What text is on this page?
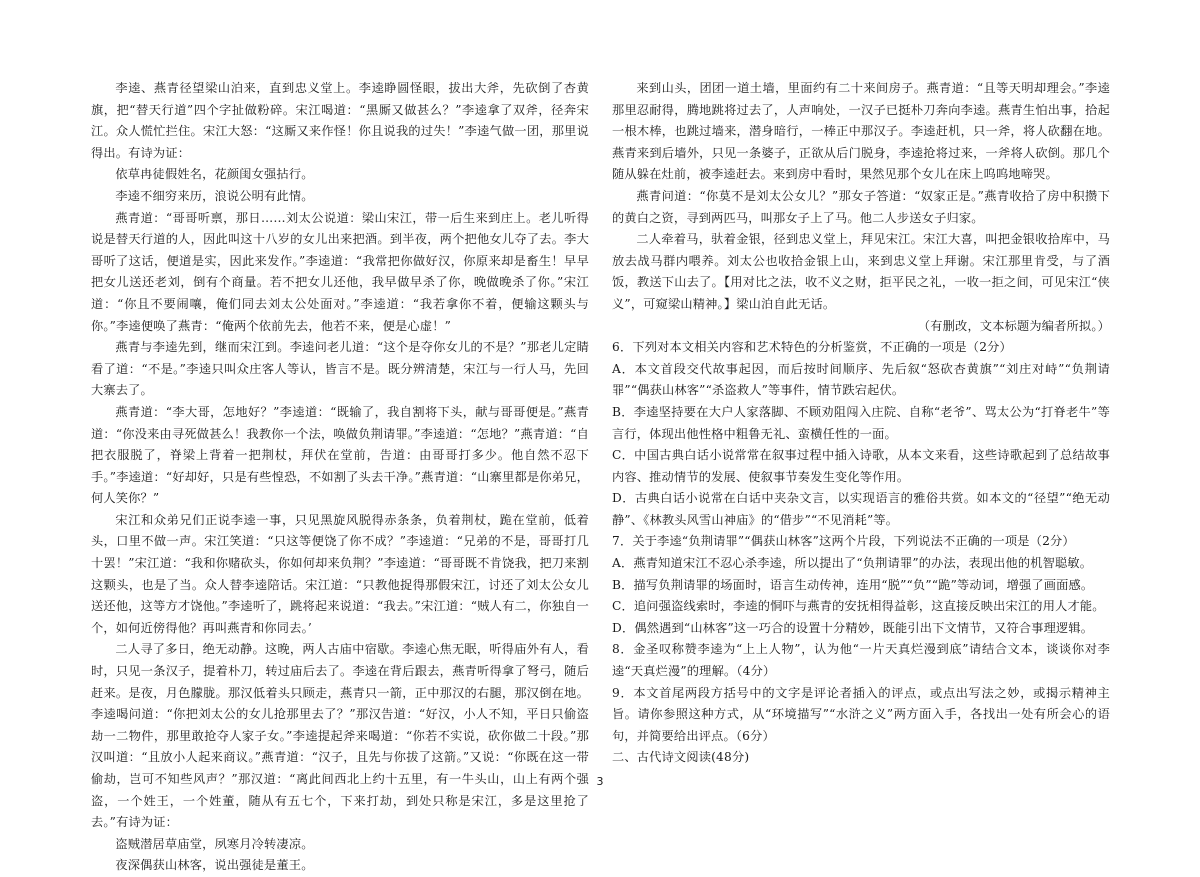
李逵、燕青径望梁山泊来，直到忠义堂上。李逵睁圆怪眼，拔出大斧，先砍倒了杏黄旗，把“替天行道”四个字扯做粉碎。宋江喝道：“黑厮又做甚么？”李逵拿了双斧，径奔宋江。众人慌忙拦住。宋江大怒：“这厮又来作怪！你且说我的过失！”李逵气做一团，那里说得出。有诗为证：

依草冉徒假姓名，花颜闺女强拈行。

李逵不细穷来历，浪说公明有此情。

燕青道：“哥哥听禀，那日……刘太公说道：梁山宋江，带一后生来到庄上。老儿听得说是替天行道的人，因此叫这十八岁的女儿出来把酒。到半夜，两个把他女儿夺了去。李大哥听了这话，便道是实，因此来发作。”李逵道：“我常把你做好汉，你原来却是畜生！早早把女儿送还老刘，倒有个商量。若不把女儿还他，我早做早杀了你，晚做晚杀了你。”宋江道：“你且不要闹嚷，俺们同去刘太公处面对。”李逵道：“我若拿你不着，便输这颗头与你。”李逵便唤了燕青：“俺两个依前先去，他若不来，便是心虚！”

燕青与李逵先到，继而宋江到。李逵问老儿道：“这个是夺你女儿的不是？”那老儿定睛看了道：“不是。”李逵只叫众庄客人等认，皆言不是。既分辨清楚，宋江与一行人马，先回大寨去了。

燕青道：“李大哥，怎地好？”李逵道：“既输了，我自割将下头，献与哥哥便是。”燕青道：“你没来由寻死做甚么！我教你一个法，唤做负荆请罪。”李逵道：“怎地？”燕青道：“自把衣服脱了，脊梁上背着一把荆杖，拜伏在堂前，告道：由哥哥打多少。他自然不忍下手。”李逵道：“好却好，只是有些惶恐，不如割了头去干净。”燕青道：“山寨里都是你弟兄，何人笑你？”

宋江和众弟兄们正说李逵一事，只见黑旋风脱得赤条条，负着荆杖，跪在堂前，低着头，口里不做一声。宋江笑道：“只这等便饶了你不成？”李逵道：“兄弟的不是，哥哥打几十罢！”宋江道：“我和你赌砍头，你如何却来负荆？”李逵道：“哥哥既不肯饶我，把刀来割这颗头，也是了当。众人替李逵陪话。宋江道：“只教他捉得那假宋江，讨还了刘太公女儿送还他，这等方才饶他。”李逵听了，跳将起来说道：“我去。”宋江道：“贼人有二，你独自一个，如何近傍得他？再叫燕青和你同去。’

二人寻了多日，绝无动静。这晚，两人古庙中宿歇。李逵心焦无眠，听得庙外有人，看时，只见一条汉子，提着朴刀，转过庙后去了。李逵在背后跟去，燕青听得拿了弩弓，随后赶来。是夜，月色朦胧。那汉低着头只顾走，燕青只一箭，正中那汉的右腿，那汉倒在地。李逵喝问道：“你把刘太公的女儿抢那里去了？”那汉告道：“好汉，小人不知，平日只偷盗劫一二物件，那里敢抢夺人家子女。”李逵提起斧来喝道：“你若不实说，砍你做二十段。”那汉叫道：“且放小人起来商议。”燕青道：“汉子，且先与你拔了这箭。”又说：“你既在这一带偷劫，岂可不知些风声？”那汉道：“离此间西北上约十五里，有一牛头山，山上有两个强盗，一个姓王，一个姓董，随从有五七个，下来打劫，到处只称是宋江，多是这里抢了去。”有诗为证：

盗贼潜居草庙堂，夙寒月冷转凄凉。

夜深偶获山林客，说出强徒是董王。

来到山头，团团一道土墙，里面约有二十来间房子。燕青道：“且等天明却理会。”李逵那里忍耐得，腾地跳将过去了，人声响处，一汉子已挺朴刀奔向李逵。燕青生怕出事，拾起一根木棒，也跳过墙来，潜身暗行，一棒正中那汉子。李逵赶机，只一斧，将人砍翻在地。燕青来到后墙外，只见一条婆子，正欲从后门脱身，李逵抢将过来，一斧将人砍倒。那几个随从躲在灶前，被李逵赶去。来到房中看时，果然见那个女儿在床上呜呜地啼哭。

燕青问道：“你莫不是刘太公女儿？”那女子答道：“奴家正是。”燕青收拾了房中积攒下的黄白之资，寻到两匹马，叫那女子上了马。他二人步送女子归家。

二人牵着马，驮着金银，径到忠义堂上，拜见宋江。宋江大喜，叫把金银收拾库中，马放去战马群内喂养。刘太公也收拾金银上山，来到忠义堂上拜谢。宋江那里肯受，与了酒饭，教送下山去了。【用对比之法，收不义之财，拒平民之礼，一收一拒之间，可见宋江“侠义”，可窥梁山精神。】梁山泊自此无话。

（有删改，文本标题为编者所拟。）

6．下列对本文相关内容和艺术特色的分析鉴赏，不正确的一项是（2分）

A．本文首段交代故事起因，而后按时间顺序、先后叙“怒砍杏黄旗”“刘庄对峙”“负荆请罪”“偶获山林客”“杀盗救人”等事件，情节跌宕起伏。

B．李逵坚持要在大户人家落脚、不顾劝阻闯入庄院、自称“老爷”、骂太公为“打脊老牛”等言行，体现出他性格中粗鲁无礼、蛮横任性的一面。

C．中国古典白话小说常常在叙事过程中插入诗歌，从本文来看，这些诗歌起到了总结故事内容、推动情节的发展、使叙事节奏发生变化等作用。

D．古典白话小说常在白话中夹杂文言，以实现语言的雅俗共赏。如本文的“径望”“绝无动静”、《林教头风雪山神庙》的“借步”“不见消耗”等。

7．关于李逵“负荆请罪”“偶获山林客”这两个片段，下列说法不正确的一项是（2分）

A．燕青知道宋江不忍心杀李逵，所以提出了“负荆请罪”的办法，表现出他的机智聪敏。

B．描写负荆请罪的场面时，语言生动传神，连用“脱”“负”“跪”等动词，增强了画面感。

C．追问强盗线索时，李逵的恫吓与燕青的安抚相得益彰，这直接反映出宋江的用人才能。

D．偶然遇到“山林客”这一巧合的设置十分精妙，既能引出下文情节，又符合事理逻辑。

8．金圣叹称赞李逵为“上上人物”，认为他“一片天真烂漫到底”请结合文本，谈谈你对李逵“天真烂漫”的理解。（4分）

9．本文首尾两段方括号中的文字是评论者插入的评点，或点出写法之妙，或揭示精神主旨。请你参照这种方式，从“环境描写”“水浒之义”两方面入手，各找出一处有所会心的语句，并简要给出评点。（6分）

二、古代诗文阅读(48分)

3
